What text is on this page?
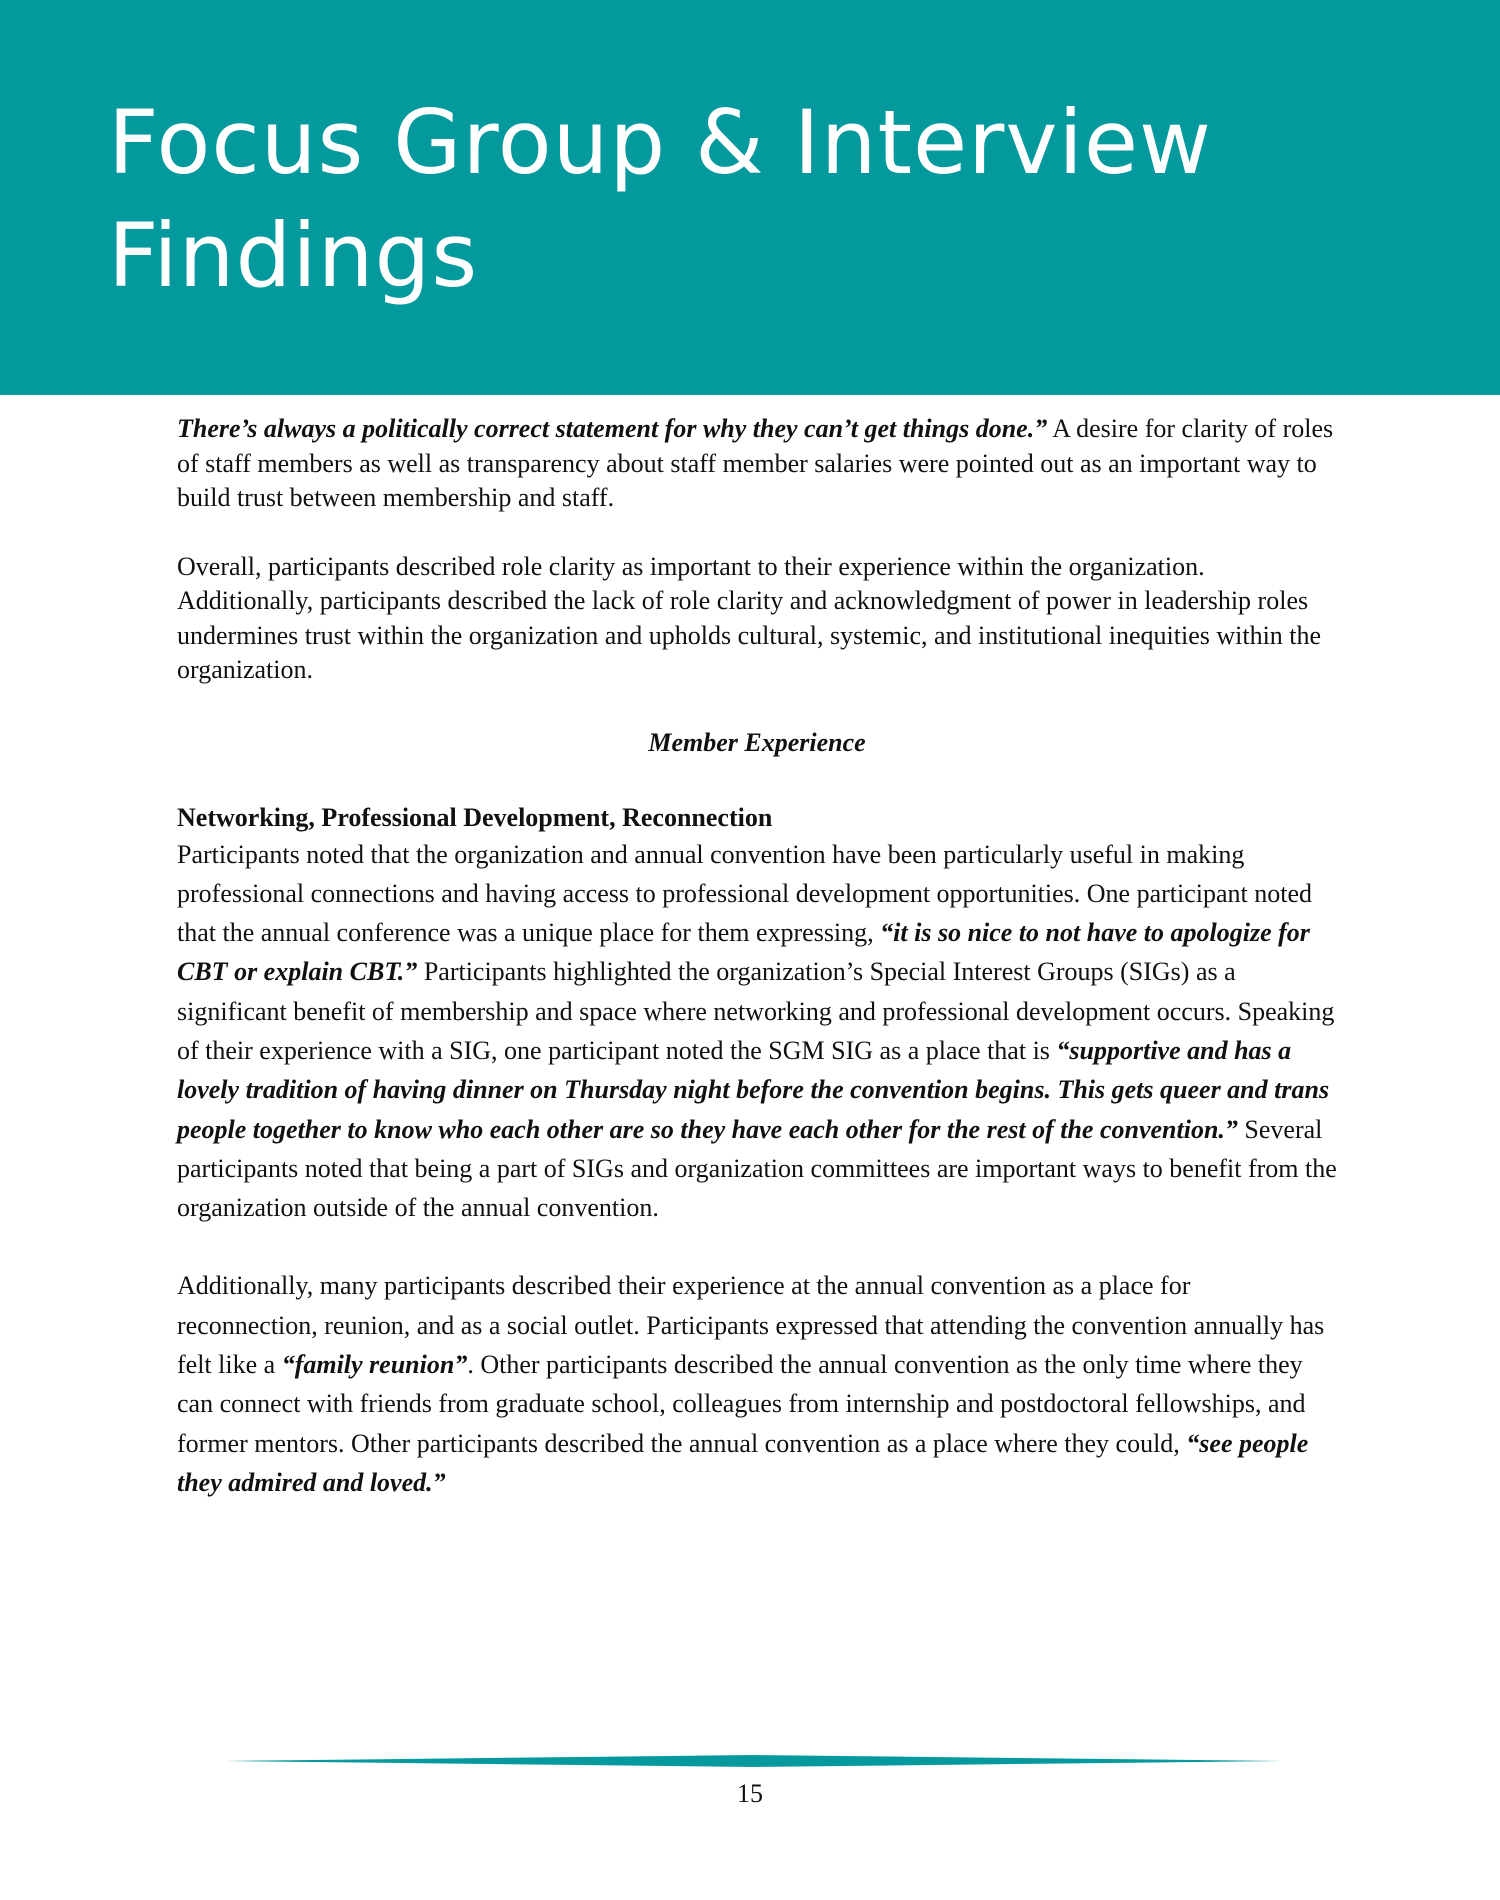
Focus Group & Interview Findings

There’s always a politically correct statement for why they can’t get things done.” A desire for clarity of roles of staff members as well as transparency about staff member salaries were pointed out as an important way to build trust between membership and staff.

Overall, participants described role clarity as important to their experience within the organization. Additionally, participants described the lack of role clarity and acknowledgment of power in leadership roles undermines trust within the organization and upholds cultural, systemic, and institutional inequities within the organization.

Member Experience
Networking, Professional Development, Reconnection

Participants noted that the organization and annual convention have been particularly useful in making professional connections and having access to professional development opportunities. One participant noted that the annual conference was a unique place for them expressing, “it is so nice to not have to apologize for CBT or explain CBT.” Participants highlighted the organization’s Special Interest Groups (SIGs) as a significant benefit of membership and space where networking and professional development occurs. Speaking of their experience with a SIG, one participant noted the SGM SIG as a place that is “supportive and has a lovely tradition of having dinner on Thursday night before the convention begins. This gets queer and trans people together to know who each other are so they have each other for the rest of the convention.” Several participants noted that being a part of SIGs and organization committees are important ways to benefit from the organization outside of the annual convention.

Additionally, many participants described their experience at the annual convention as a place for reconnection, reunion, and as a social outlet. Participants expressed that attending the convention annually has felt like a “family reunion”. Other participants described the annual convention as the only time where they can connect with friends from graduate school, colleagues from internship and postdoctoral fellowships, and former mentors. Other participants described the annual convention as a place where they could, “see people they admired and loved.”

15
